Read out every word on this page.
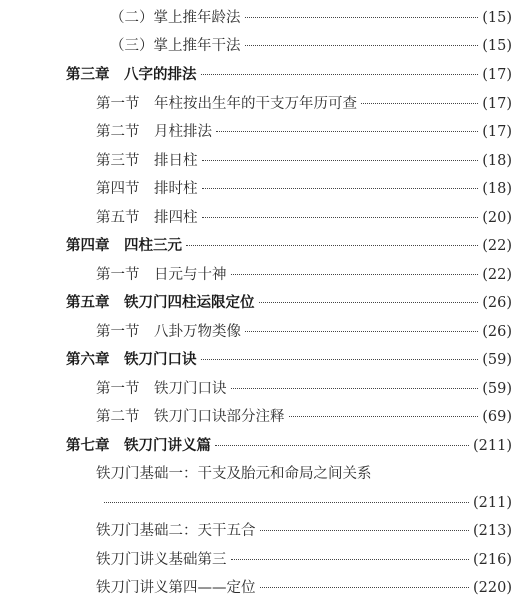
（二）掌上推年龄法	(15)
（三）掌上推年干法	(15)
第三章　八字的排法	(17)
第一节　年柱按出生年的干支万年历可查	(17)
第二节　月柱排法	(17)
第三节　排日柱	(18)
第四节　排时柱	(18)
第五节　排四柱	(20)
第四章　四柱三元	(22)
第一节　日元与十神	(22)
第五章　铁刀门四柱运限定位	(26)
第一节　八卦万物类像	(26)
第六章　铁刀门口诀	(59)
第一节　铁刀门口诀	(59)
第二节　铁刀门口诀部分注释	(69)
第七章　铁刀门讲义篇	(211)
铁刀门基础一：干支及胎元和命局之间关系
(211)
铁刀门基础二：天干五合	(213)
铁刀门讲义基础第三	(216)
铁刀门讲义第四——定位	(220)
